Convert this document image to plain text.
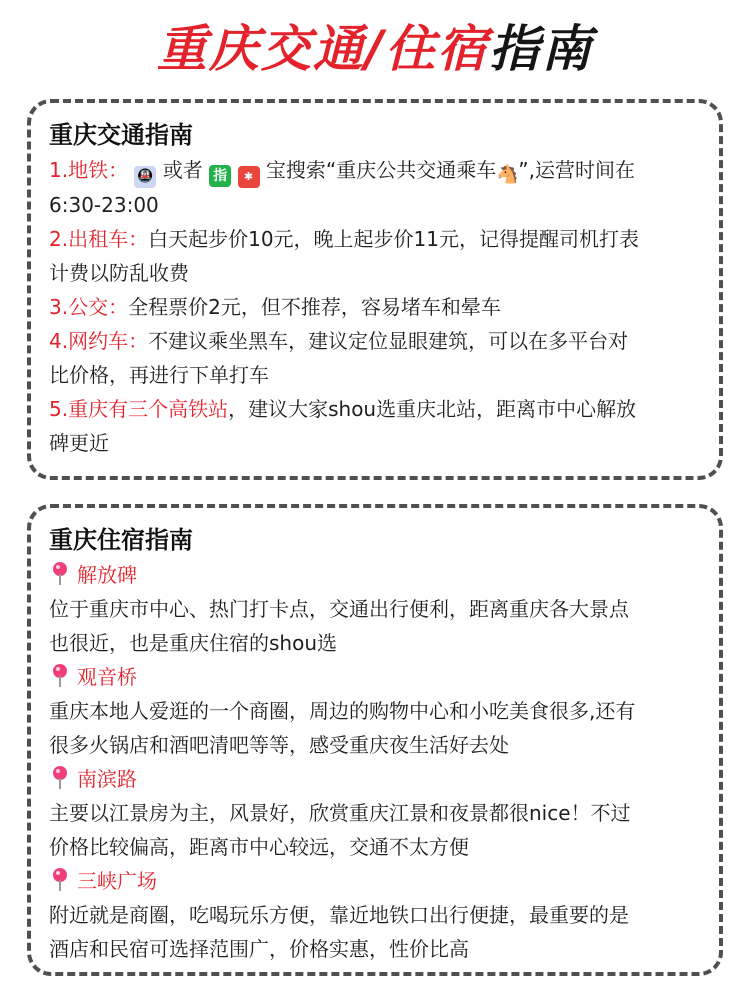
重庆交通/住宿指南
重庆交通指南
1.地铁： 🚇 或者 指 ✱ 宝搜索“重庆公共交通乘车🐴”,运营时间在
6:30-23:00
2.出租车：白天起步价10元，晚上起步价11元，记得提醒司机打表
计费以防乱收费
3.公交：全程票价2元，但不推荐，容易堵车和晕车
4.网约车：不建议乘坐黑车，建议定位显眼建筑，可以在多平台对
比价格，再进行下单打车
5.重庆有三个高铁站，建议大家shou选重庆北站，距离市中心解放
碑更近
重庆住宿指南
解放碑
位于重庆市中心、热门打卡点，交通出行便利，距离重庆各大景点
也很近，也是重庆住宿的shou选
观音桥
重庆本地人爱逛的一个商圈，周边的购物中心和小吃美食很多,还有
很多火锅店和酒吧清吧等等，感受重庆夜生活好去处
南滨路
主要以江景房为主，风景好，欣赏重庆江景和夜景都很nice！不过
价格比较偏高，距离市中心较远，交通不太方便
三峡广场
附近就是商圈，吃喝玩乐方便，靠近地铁口出行便捷，最重要的是
酒店和民宿可选择范围广，价格实惠，性价比高
